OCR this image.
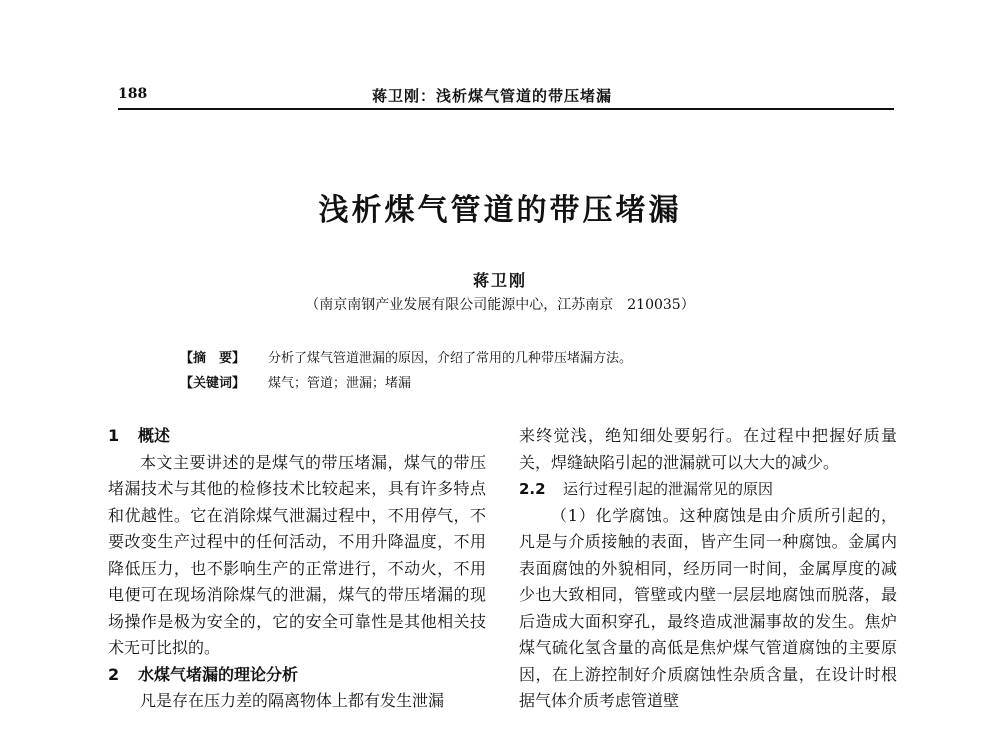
188	蒋卫刚：浅析煤气管道的带压堵漏
浅析煤气管道的带压堵漏
蒋卫刚
（南京南钢产业发展有限公司能源中心，江苏南京　210035）
【摘　要】 分析了煤气管道泄漏的原因，介绍了常用的几种带压堵漏方法。
【关键词】 煤气；管道；泄漏；堵漏
1 概述

本文主要讲述的是煤气的带压堵漏，煤气的带压堵漏技术与其他的检修技术比较起来，具有许多特点和优越性。它在消除煤气泄漏过程中，不用停气，不要改变生产过程中的任何活动，不用升降温度，不用降低压力，也不影响生产的正常进行，不动火，不用电便可在现场消除煤气的泄漏，煤气的带压堵漏的现场操作是极为安全的，它的安全可靠性是其他相关技术无可比拟的。

2 水煤气堵漏的理论分析

凡是存在压力差的隔离物体上都有发生泄漏

来终觉浅，绝知细处要躬行。在过程中把握好质量关，焊缝缺陷引起的泄漏就可以大大的减少。

2.2 运行过程引起的泄漏常见的原因

（1）化学腐蚀。这种腐蚀是由介质所引起的，凡是与介质接触的表面，皆产生同一种腐蚀。金属内表面腐蚀的外貌相同，经历同一时间，金属厚度的减少也大致相同，管壁或内壁一层层地腐蚀而脱落，最后造成大面积穿孔，最终造成泄漏事故的发生。焦炉煤气硫化氢含量的高低是焦炉煤气管道腐蚀的主要原因，在上游控制好介质腐蚀性杂质含量，在设计时根据气体介质考虑管道壁
